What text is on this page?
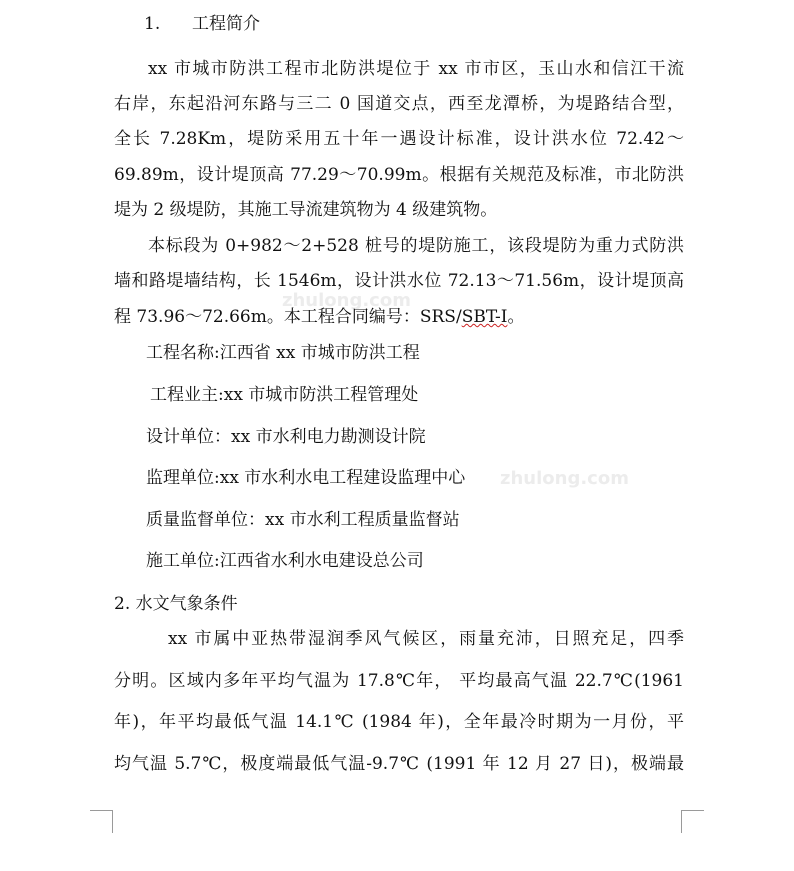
zhulong.com
zhulong.com
1. 工程简介
xx 市城市防洪工程市北防洪堤位于 xx 市市区，玉山水和信江干流
右岸，东起沿河东路与三二 0 国道交点，西至龙潭桥，为堤路结合型，
全长 7.28Km，堤防采用五十年一遇设计标准，设计洪水位 72.42～
69.89m，设计堤顶高 77.29～70.99m。根据有关规范及标准，市北防洪
堤为 2 级堤防，其施工导流建筑物为 4 级建筑物。
本标段为 0+982～2+528 桩号的堤防施工，该段堤防为重力式防洪
墙和路堤墙结构，长 1546m，设计洪水位 72.13～71.56m，设计堤顶高
程 73.96～72.66m。本工程合同编号：SRS/SBT-Ⅰ。
工程名称:江西省 xx 市城市防洪工程
工程业主:xx 市城市防洪工程管理处
设计单位：xx 市水利电力勘测设计院
监理单位:xx 市水利水电工程建设监理中心
质量监督单位：xx 市水利工程质量监督站
施工单位:江西省水利水电建设总公司
2. 水文气象条件
xx 市属中亚热带湿润季风气候区，雨量充沛，日照充足，四季
分明。区域内多年平均气温为 17.8℃年， 平均最高气温 22.7℃(1961
年)，年平均最低气温 14.1℃ (1984 年)，全年最冷时期为一月份，平
均气温 5.7℃，极度端最低气温-9.7℃ (1991 年 12 月 27 日)，极端最
